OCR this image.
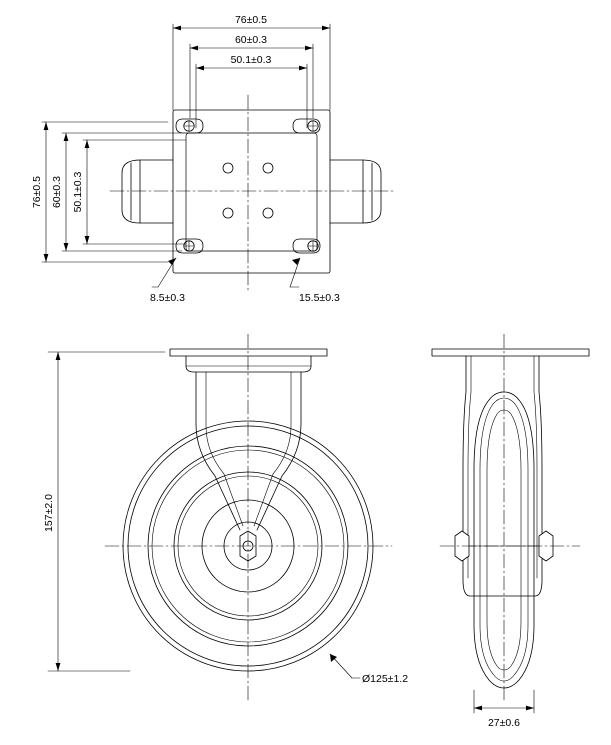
76±0.5
60±0.3
50.1±0.3
76±0.5 60±0.3 50.1±0.3
8.5±0.3	15.5±0.3
157±2.0
Ø125±1.2
27±0.6
